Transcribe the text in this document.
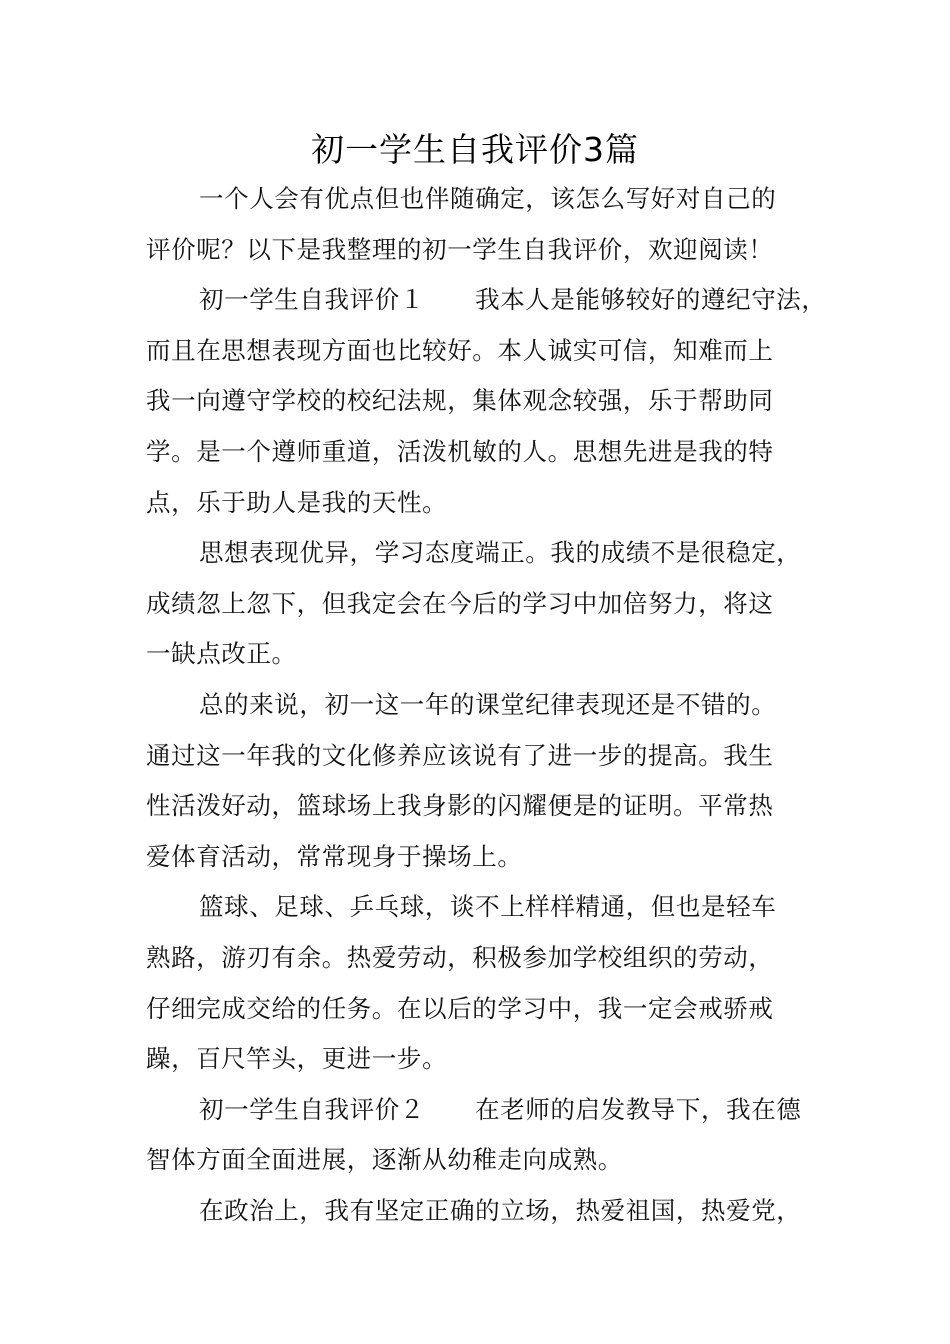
初一学生自我评价3篇
一个人会有优点但也伴随确定，该怎么写好对自己的
评价呢？以下是我整理的初一学生自我评价，欢迎阅读！
初一学生自我评价１　　我本人是能够较好的遵纪守法，
而且在思想表现方面也比较好。本人诚实可信，知难而上
我一向遵守学校的校纪法规，集体观念较强，乐于帮助同
学。是一个遵师重道，活泼机敏的人。思想先进是我的特
点，乐于助人是我的天性。
思想表现优异，学习态度端正。我的成绩不是很稳定，
成绩忽上忽下，但我定会在今后的学习中加倍努力，将这
一缺点改正。
总的来说，初一这一年的课堂纪律表现还是不错的。
通过这一年我的文化修养应该说有了进一步的提高。我生
性活泼好动，篮球场上我身影的闪耀便是的证明。平常热
爱体育活动，常常现身于操场上。
篮球、足球、乒乓球，谈不上样样精通，但也是轻车
熟路，游刃有余。热爱劳动，积极参加学校组织的劳动，
仔细完成交给的任务。在以后的学习中，我一定会戒骄戒
躁，百尺竿头，更进一步。
初一学生自我评价２　　在老师的启发教导下，我在德
智体方面全面进展，逐渐从幼稚走向成熟。
在政治上，我有坚定正确的立场，热爱祖国，热爱党，
